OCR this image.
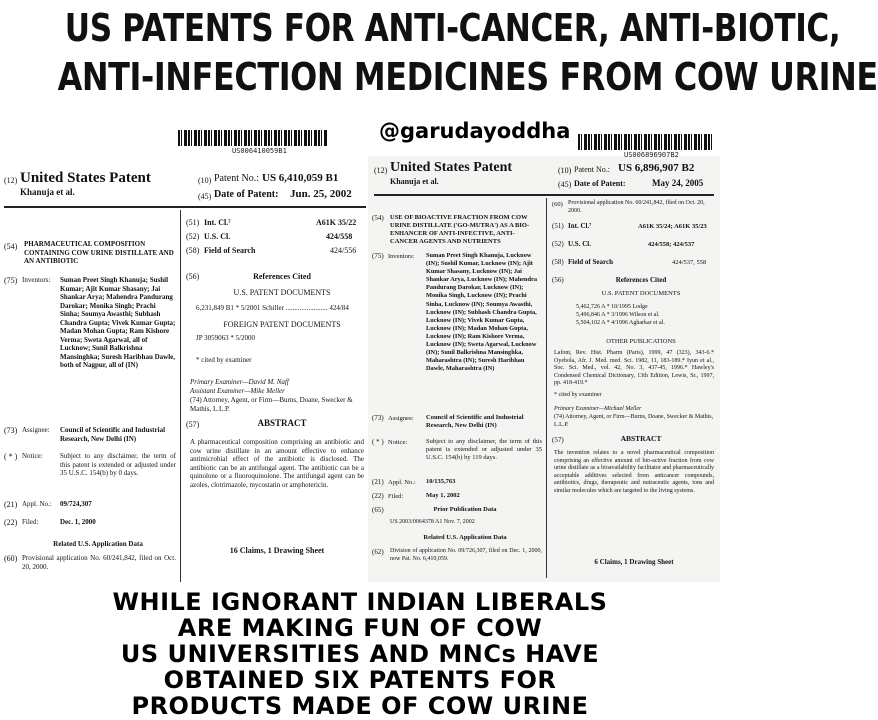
US PATENTS FOR ANTI-CANCER, ANTI-BIOTIC,
ANTI-INFECTION MEDICINES FROM COW URINE
US006410059B1
(12) United States Patent
Khanuja et al.
(10) Patent No.: US 6,410,059 B1
(45) Date of Patent: Jun. 25, 2002
(54) PHARMACEUTICAL COMPOSITION CONTAINING COW URINE DISTILLATE AND AN ANTIBIOTIC
(75) Inventors: Suman Preet Singh Khanuja; Sushil Kumar; Ajit Kumar Shasany; Jai Shankar Arya; Mahendra Pandurang Darokar; Monika Singh; Prachi Sinha; Soumya Awasthi; Subhash Chandra Gupta; Vivek Kumar Gupta; Madan Mohan Gupta; Ram Kishore Verma; Sweta Agarwal, all of Lucknow; Sunil Balkrishna Mansinghka; Suresh Haribhau Dawle, both of Nagpur, all of (IN)
(73) Assignee: Council of Scientific and Industrial Research, New Delhi (IN)
( * ) Notice: Subject to any disclaimer, the term of this patent is extended or adjusted under 35 U.S.C. 154(b) by 0 days.
(21) Appl. No.: 09/724,307
(22) Filed:	Dec. 1, 2000
Related U.S. Application Data
(60) Provisional application No. 60/241,842, filed on Oct. 20, 2000.
(51) Int. Cl.⁷	A61K 35/22
(52) U.S. Cl.	424/558
(58) Field of Search	424/556
(56)	References Cited
U.S. PATENT DOCUMENTS
6,231,849 B1 * 5/2001 Schiller ........................ 424/84
FOREIGN PATENT DOCUMENTS
JP 3059063 * 5/2000
* cited by examiner
Primary Examiner—David M. Naff
Assistant Examiner—Mike Meller
(74) Attorney, Agent, or Firm—Burns, Doane, Swecker & Mathis, L.L.P.
(57)	ABSTRACT
A pharmaceutical composition comprising an antibiotic and cow urine distillate in an amount effective to enhance antimicrobial effect of the antibiotic is disclosed. The antibiotic can be an antifungal agent. The antibiotic can be a quinolone or a fluoroquinolone. The antifungal agent can be azoles, clotrimazole, mycostatin or amphotericin.
16 Claims, 1 Drawing Sheet
US006896907B2
(12) United States Patent
Khanuja et al.
(10) Patent No.: US 6,896,907 B2
(45) Date of Patent:	May 24, 2005
(54) USE OF BIOACTIVE FRACTION FROM COW URINE DISTILLATE ('GO-MUTRA') AS A BIO-ENHANCER OF ANTI-INFECTIVE, ANTI-CANCER AGENTS AND NUTRIENTS
(75) Inventors: Suman Preet Singh Khanuja, Lucknow (IN); Sushil Kumar, Lucknow (IN); Ajit Kumar Shasany, Lucknow (IN); Jai Shankar Arya, Lucknow (IN); Mahendra Pandurang Darokar, Lucknow (IN); Monika Singh, Lucknow (IN); Prachi Sinha, Lucknow (IN); Soumya Awasthi, Lucknow (IN); Subhash Chandra Gupta, Lucknow (IN); Vivek Kumar Gupta, Lucknow (IN); Madan Mohan Gupta, Lucknow (IN); Ram Kishore Verma, Lucknow (IN); Sweta Agarwal, Lucknow (IN); Sunil Balkrishna Mansinghka, Maharashtra (IN); Suresh Haribhau Dawle, Maharashtra (IN)
(73) Assignee: Council of Scientific and Industrial Research, New Delhi (IN)
( * ) Notice:	Subject to any disclaimer, the term of this patent is extended or adjusted under 35 U.S.C. 154(b) by 119 days.
(21) Appl. No.: 10/135,763
(22) Filed:	May 1, 2002
(65)	Prior Publication Data
US 2003/0064378 A1 Nov. 7, 2002
Related U.S. Application Data
(62) Division of application No. 09/726,307, filed on Dec. 1, 2000, now Pat. No. 6,410,059.
(60) Provisional application No. 60/241,842, filed on Oct. 20, 2000.
(51) Int. Cl.⁷	A61K 35/24; A61K 35/23
(52) U.S. Cl.	424/558; 424/537
(58) Field of Search	424/537, 558
(56)	References Cited
U.S. PATENT DOCUMENTS
5,462,726 A * 10/1995 Lodge
5,496,846 A * 3/1996 Wilson et al.
5,504,102 A * 4/1996 Agharkar et al.
OTHER PUBLICATIONS
Lafont, Rev. Hist. Pharm (Paris), 1999, 47 (323), 343-6.* Oyebola, Afr. J. Med. med. Sci. 1982, 11, 183-189.* Iyun et al., Soc. Sci. Med., vol. 42, No. 3, 437-45, 1996.* Hawley's Condensed Chemical Dictionary, 13th Edition, Lewis, Sr., 1997, pp. 418-419.*
* cited by examiner
Primary Examiner—Michael Meller
(74) Attorney, Agent, or Firm—Burns, Doane, Swecker & Mathis, L.L.P.
(57)	ABSTRACT
The invention relates to a novel pharmaceutical composition comprising an effective amount of bio-active fraction from cow urine distillate as a bioavailability facilitator and pharmaceutically acceptable additives selected from anticancer compounds, antibiotics, drugs, therapeutic and nutraceutic agents, ions and similar molecules which are targeted to the living systems.
6 Claims, 1 Drawing Sheet
@garudayoddha
WHILE IGNORANT INDIAN LIBERALS
ARE MAKING FUN OF COW
US UNIVERSITIES AND MNCs HAVE
OBTAINED SIX PATENTS FOR
PRODUCTS MADE OF COW URINE
